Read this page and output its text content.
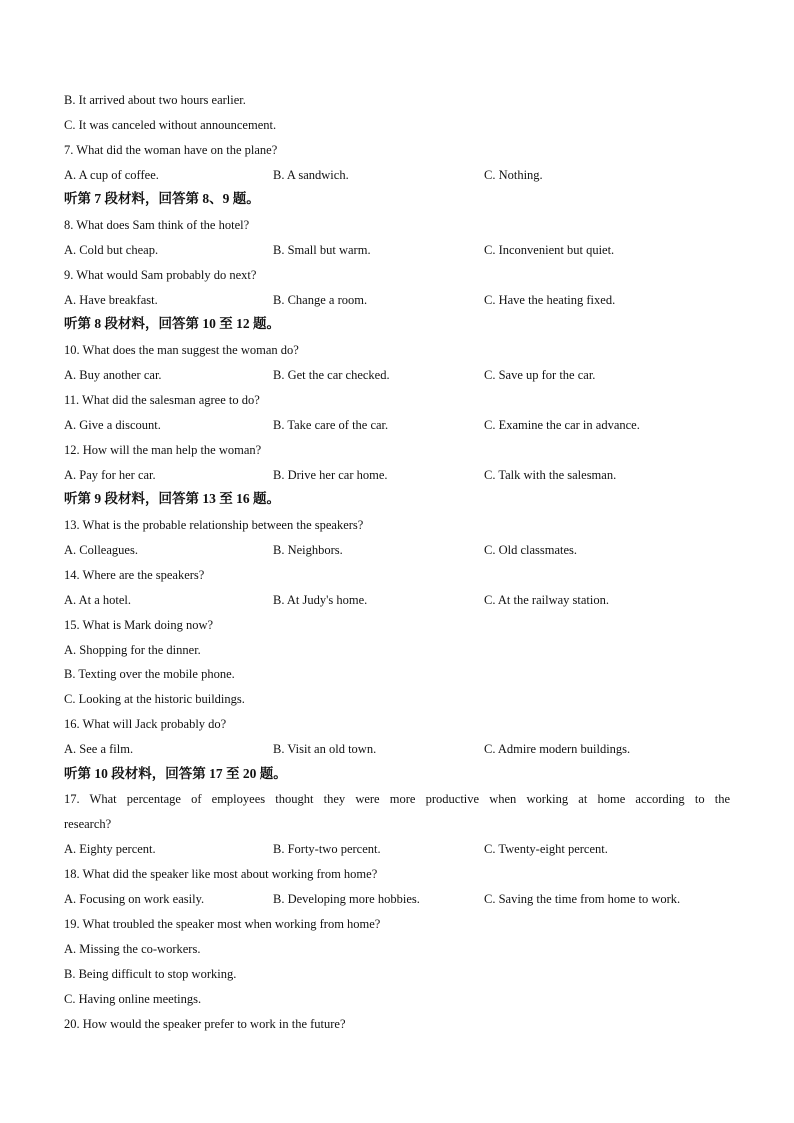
B. It arrived about two hours earlier.
C. It was canceled without announcement.
7. What did the woman have on the plane?
A. A cup of coffee.	B. A sandwich.	C. Nothing.
听第 7 段材料，回答第 8、9 题。
8. What does Sam think of the hotel?
A. Cold but cheap.	B. Small but warm.	C. Inconvenient but quiet.
9. What would Sam probably do next?
A. Have breakfast.	B. Change a room.	C. Have the heating fixed.
听第 8 段材料，回答第 10 至 12 题。
10. What does the man suggest the woman do?
A. Buy another car.	B. Get the car checked.	C. Save up for the car.
11. What did the salesman agree to do?
A. Give a discount.	B. Take care of the car.	C. Examine the car in advance.
12. How will the man help the woman?
A. Pay for her car.	B. Drive her car home.	C. Talk with the salesman.
听第 9 段材料，回答第 13 至 16 题。
13. What is the probable relationship between the speakers?
A. Colleagues.	B. Neighbors.	C. Old classmates.
14. Where are the speakers?
A. At a hotel.	B. At Judy's home.	C. At the railway station.
15. What is Mark doing now?
A. Shopping for the dinner.
B. Texting over the mobile phone.
C. Looking at the historic buildings.
16. What will Jack probably do?
A. See a film.	B. Visit an old town.	C. Admire modern buildings.
听第 10 段材料，回答第 17 至 20 题。
17. What percentage of employees thought they were more productive when working at home according to the
research?
A. Eighty percent.	B. Forty-two percent.	C. Twenty-eight percent.
18. What did the speaker like most about working from home?
A. Focusing on work easily.	B. Developing more hobbies.	C. Saving the time from home to work.
19. What troubled the speaker most when working from home?
A. Missing the co-workers.
B. Being difficult to stop working.
C. Having online meetings.
20. How would the speaker prefer to work in the future?
